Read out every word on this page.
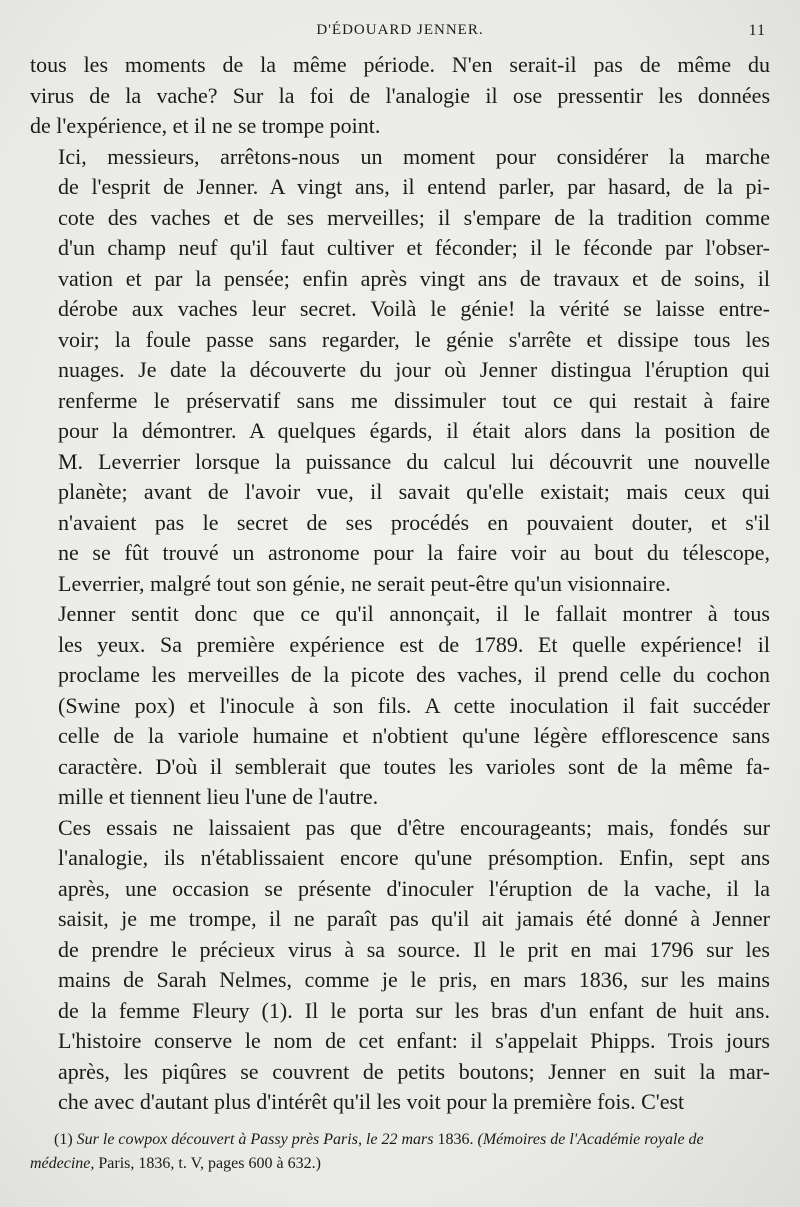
D'ÉDOUARD JENNER.	11

tous les moments de la même période. N'en serait-il pas de même du
virus de la vache? Sur la foi de l'analogie il ose pressentir les données
de l'expérience, et il ne se trompe point.

Ici, messieurs, arrêtons-nous un moment pour considérer la marche
de l'esprit de Jenner. A vingt ans, il entend parler, par hasard, de la pi-
cote des vaches et de ses merveilles; il s'empare de la tradition comme
d'un champ neuf qu'il faut cultiver et féconder; il le féconde par l'obser-
vation et par la pensée; enfin après vingt ans de travaux et de soins, il
dérobe aux vaches leur secret. Voilà le génie! la vérité se laisse entre-
voir; la foule passe sans regarder, le génie s'arrête et dissipe tous les
nuages. Je date la découverte du jour où Jenner distingua l'éruption qui
renferme le préservatif sans me dissimuler tout ce qui restait à faire
pour la démontrer. A quelques égards, il était alors dans la position de
M. Leverrier lorsque la puissance du calcul lui découvrit une nouvelle
planète; avant de l'avoir vue, il savait qu'elle existait; mais ceux qui
n'avaient pas le secret de ses procédés en pouvaient douter, et s'il
ne se fût trouvé un astronome pour la faire voir au bout du télescope,
Leverrier, malgré tout son génie, ne serait peut-être qu'un visionnaire.

Jenner sentit donc que ce qu'il annonçait, il le fallait montrer à tous
les yeux. Sa première expérience est de 1789. Et quelle expérience! il
proclame les merveilles de la picote des vaches, il prend celle du cochon
(Swine pox) et l'inocule à son fils. A cette inoculation il fait succéder
celle de la variole humaine et n'obtient qu'une légère efflorescence sans
caractère. D'où il semblerait que toutes les varioles sont de la même fa-
mille et tiennent lieu l'une de l'autre.

Ces essais ne laissaient pas que d'être encourageants; mais, fondés sur
l'analogie, ils n'établissaient encore qu'une présomption. Enfin, sept ans
après, une occasion se présente d'inoculer l'éruption de la vache, il la
saisit, je me trompe, il ne paraît pas qu'il ait jamais été donné à Jenner
de prendre le précieux virus à sa source. Il le prit en mai 1796 sur les
mains de Sarah Nelmes, comme je le pris, en mars 1836, sur les mains
de la femme Fleury (1). Il le porta sur les bras d'un enfant de huit ans.
L'histoire conserve le nom de cet enfant: il s'appelait Phipps. Trois jours
après, les piqûres se couvrent de petits boutons; Jenner en suit la mar-
che avec d'autant plus d'intérêt qu'il les voit pour la première fois. C'est

(1) Sur le cowpox découvert à Passy près Paris, le 22 mars 1836. (Mémoires de l'Académie royale de médecine, Paris, 1836, t. V, pages 600 à 632.)
